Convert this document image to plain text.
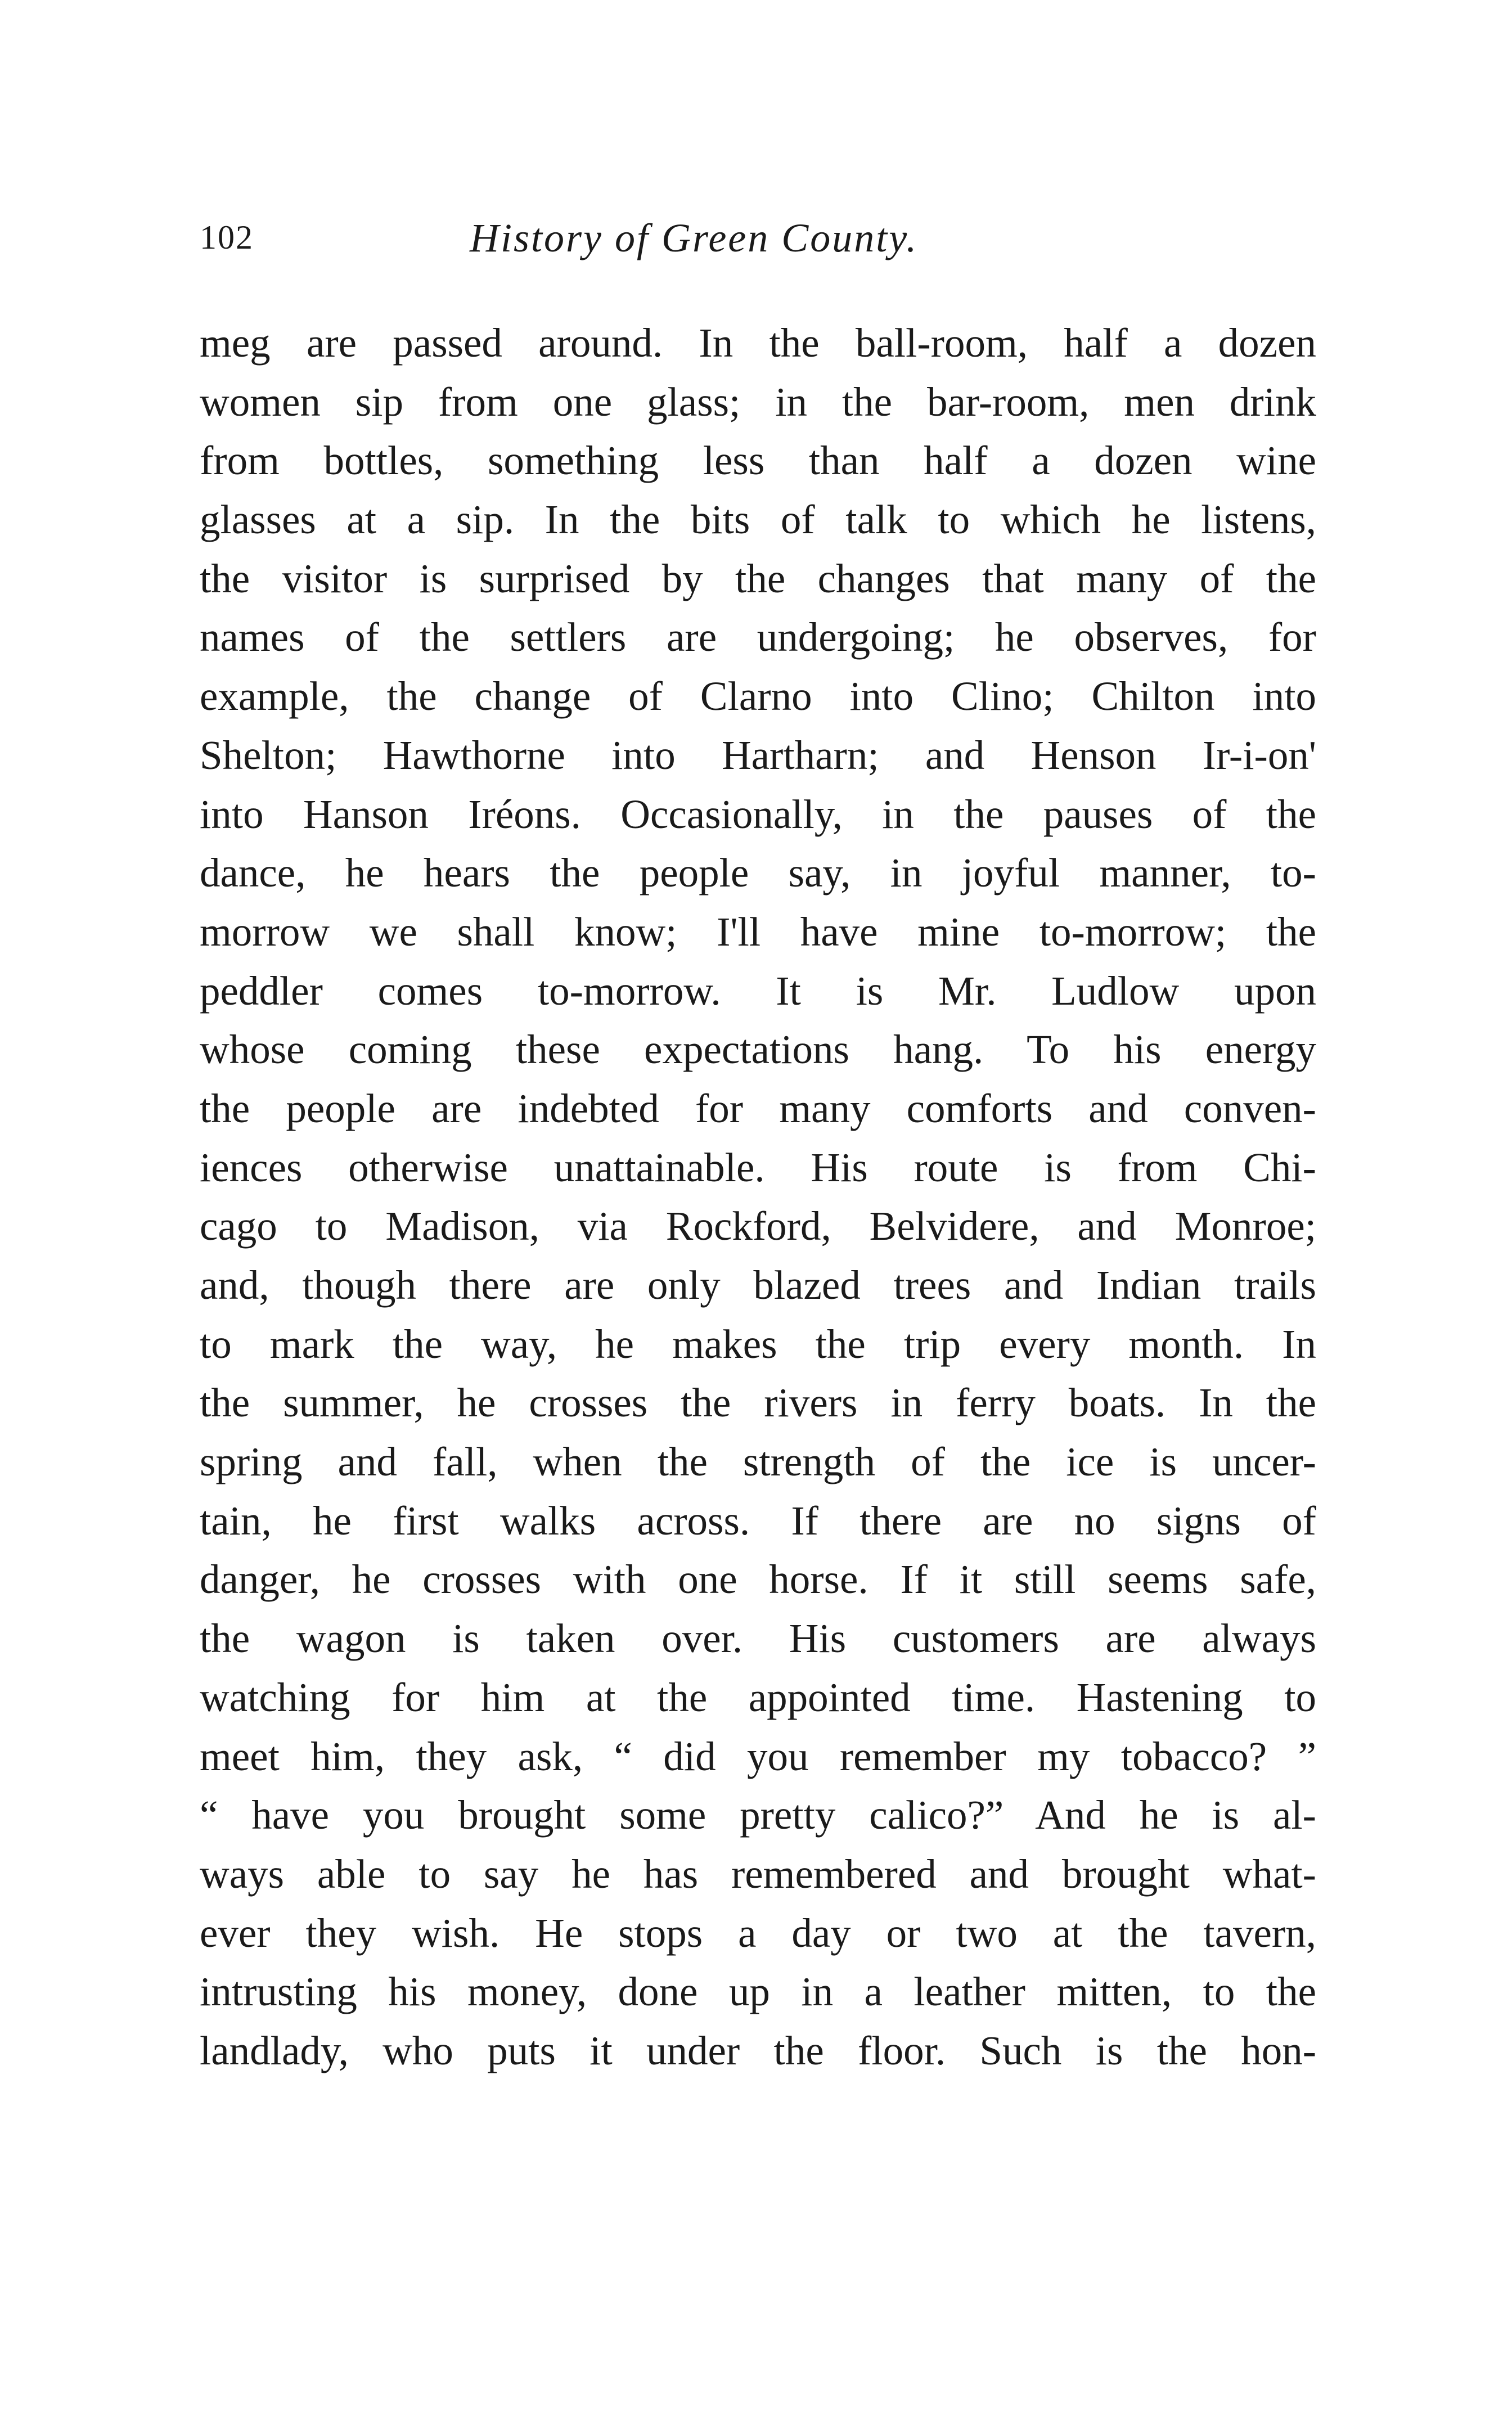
102	History of Green County.
meg are passed around. In the ball-room, half a dozen
women sip from one glass; in the bar-room, men drink
from bottles, something less than half a dozen wine
glasses at a sip. In the bits of talk to which he listens,
the visitor is surprised by the changes that many of the
names of the settlers are undergoing; he observes, for
example, the change of Clarno into Clino; Chilton into
Shelton; Hawthorne into Hartharn; and Henson Ir-i-on'
into Hanson Iréons. Occasionally, in the pauses of the
dance, he hears the people say, in joyful manner, to-
morrow we shall know; I'll have mine to-morrow; the
peddler comes to-morrow. It is Mr. Ludlow upon
whose coming these expectations hang. To his energy
the people are indebted for many comforts and conven-
iences otherwise unattainable. His route is from Chi-
cago to Madison, via Rockford, Belvidere, and Monroe;
and, though there are only blazed trees and Indian trails
to mark the way, he makes the trip every month. In
the summer, he crosses the rivers in ferry boats. In the
spring and fall, when the strength of the ice is uncer-
tain, he first walks across. If there are no signs of
danger, he crosses with one horse. If it still seems safe,
the wagon is taken over. His customers are always
watching for him at the appointed time. Hastening to
meet him, they ask, “ did you remember my tobacco? ”
“ have you brought some pretty calico?” And he is al-
ways able to say he has remembered and brought what-
ever they wish. He stops a day or two at the tavern,
intrusting his money, done up in a leather mitten, to the
landlady, who puts it under the floor. Such is the hon-
